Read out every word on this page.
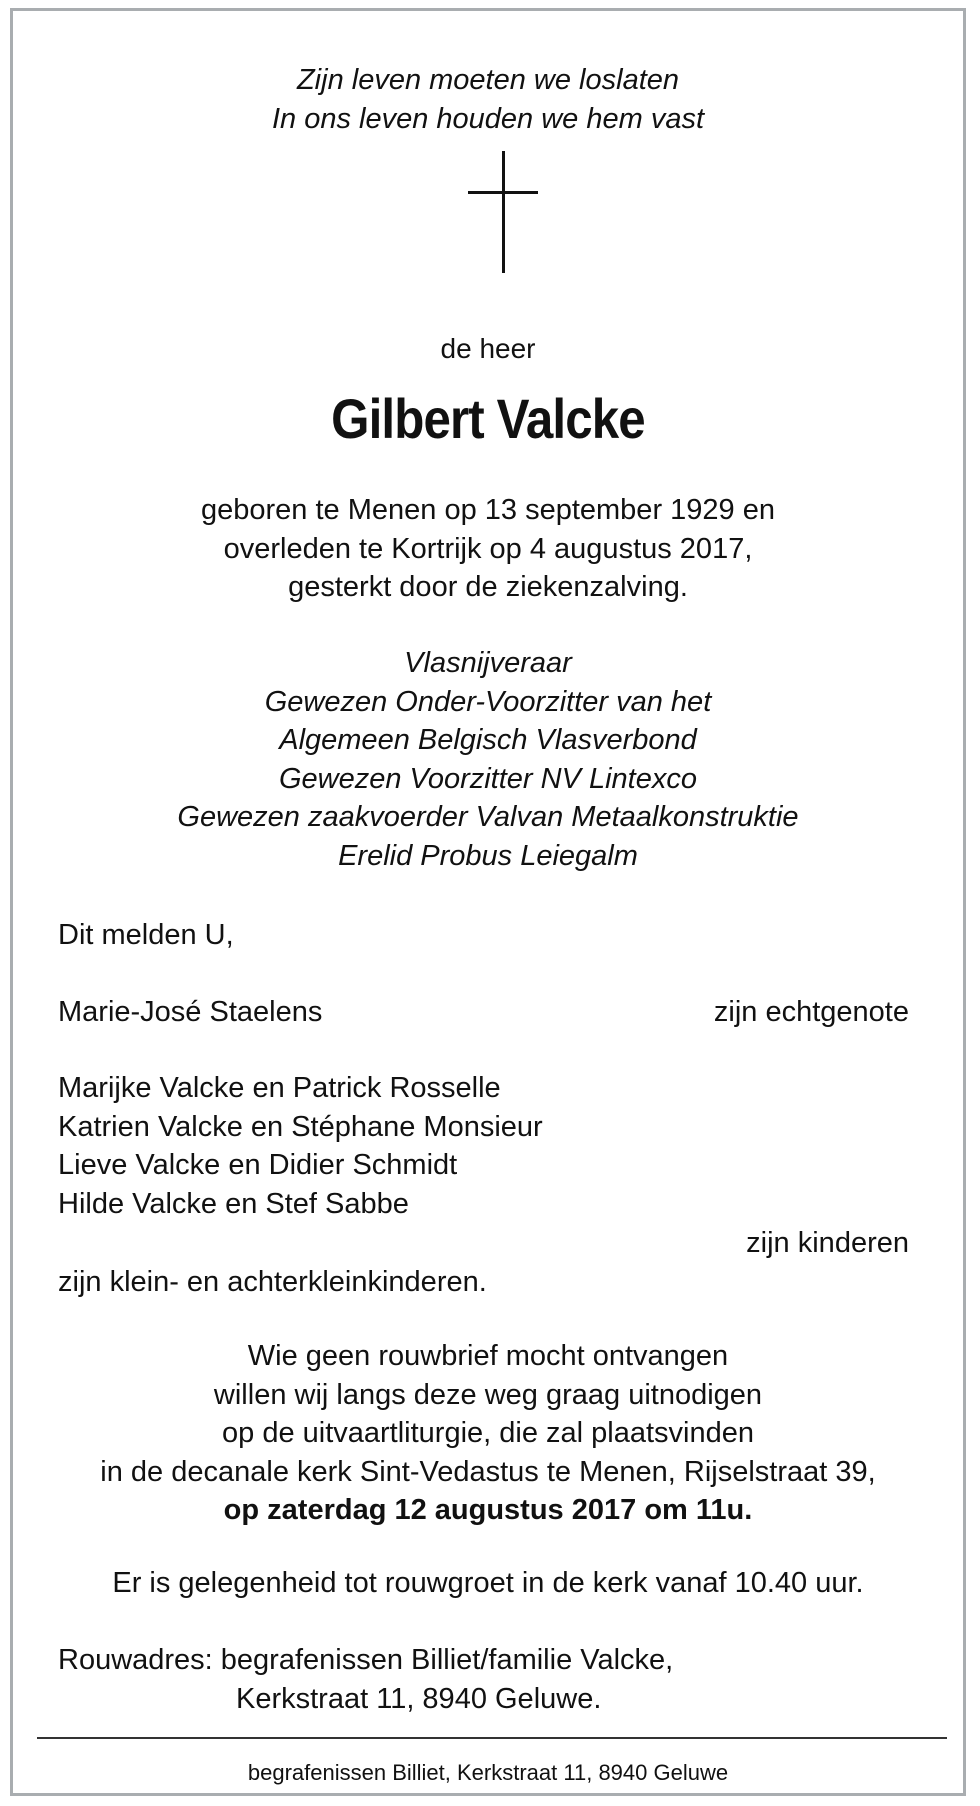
Zijn leven moeten we loslaten
In ons leven houden we hem vast
de heer
Gilbert Valcke
geboren te Menen op 13 september 1929 en
overleden te Kortrijk op 4 augustus 2017,
gesterkt door de ziekenzalving.
Vlasnijveraar
Gewezen Onder-Voorzitter van het
Algemeen Belgisch Vlasverbond
Gewezen Voorzitter NV Lintexco
Gewezen zaakvoerder Valvan Metaalkonstruktie
Erelid Probus Leiegalm
Dit melden U,
Marie-José Staelens	zijn echtgenote
Marijke Valcke en Patrick Rosselle
Katrien Valcke en Stéphane Monsieur
Lieve Valcke en Didier Schmidt
Hilde Valcke en Stef Sabbe
zijn kinderen
zijn klein- en achterkleinkinderen.
Wie geen rouwbrief mocht ontvangen
willen wij langs deze weg graag uitnodigen
op de uitvaartliturgie, die zal plaatsvinden
in de decanale kerk Sint-Vedastus te Menen, Rijselstraat 39,
op zaterdag 12 augustus 2017 om 11u.
Er is gelegenheid tot rouwgroet in de kerk vanaf 10.40 uur.
Rouwadres: begrafenissen Billiet/familie Valcke,
Kerkstraat 11, 8940 Geluwe.
begrafenissen Billiet, Kerkstraat 11, 8940 Geluwe
